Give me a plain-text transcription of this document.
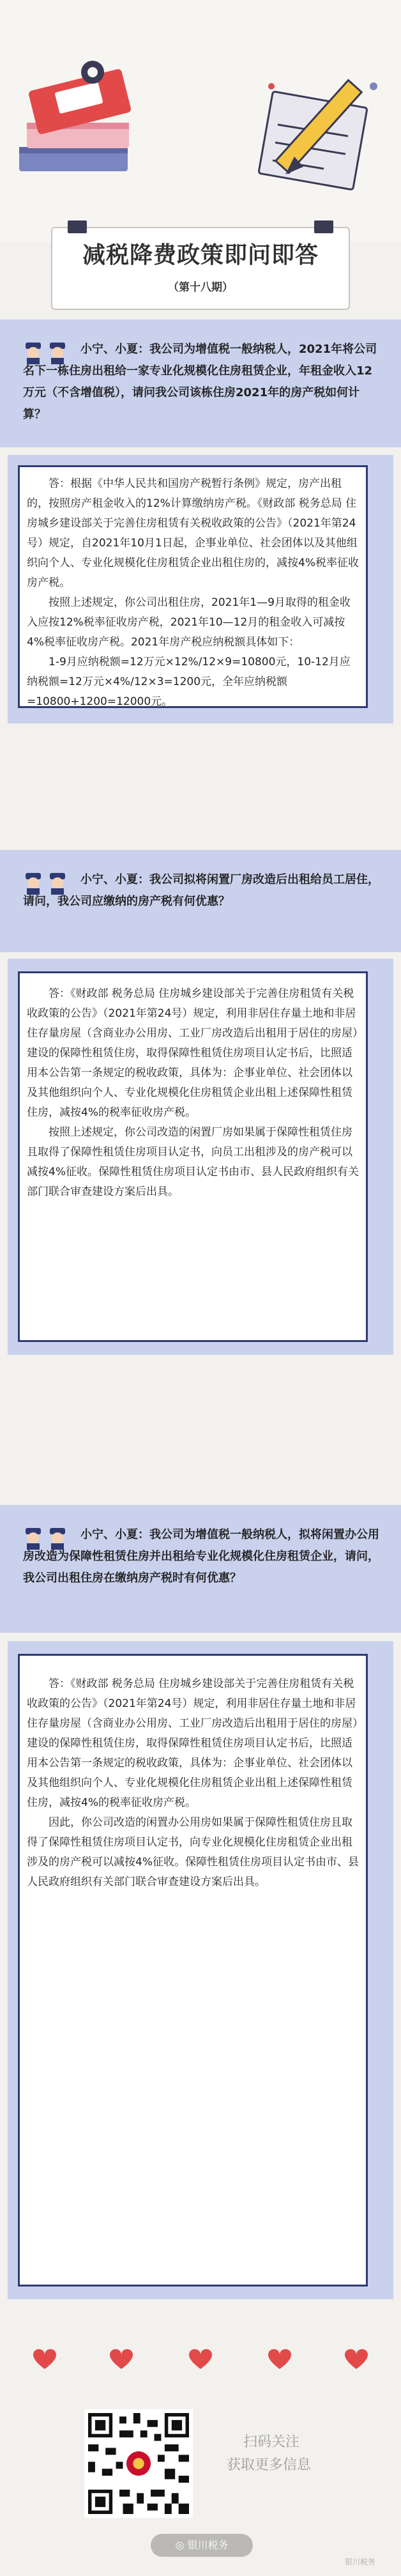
减税降费政策即问即答
（第十八期）
小宁、小夏：我公司为增值税一般纳税人，2021年将公司名下一栋住房出租给一家专业化规模化住房租赁企业，年租金收入12万元（不含增值税），请问我公司该栋住房2021年的房产税如何计算？

答：根据《中华人民共和国房产税暂行条例》规定，房产出租的，按照房产租金收入的12%计算缴纳房产税。《财政部 税务总局 住房城乡建设部关于完善住房租赁有关税收政策的公告》（2021年第24号）规定，自2021年10月1日起，企事业单位、社会团体以及其他组织向个人、专业化规模化住房租赁企业出租住房的，减按4%税率征收房产税。

按照上述规定，你公司出租住房，2021年1—9月取得的租金收入应按12%税率征收房产税，2021年10—12月的租金收入可减按4%税率征收房产税。2021年房产税应纳税额具体如下：

1-9月应纳税额=12万元×12%/12×9=10800元，10-12月应纳税额=12万元×4%/12×3=1200元，全年应纳税额=10800+1200=12000元。

小宁、小夏：我公司拟将闲置厂房改造后出租给员工居住，请问，我公司应缴纳的房产税有何优惠？

答：《财政部 税务总局 住房城乡建设部关于完善住房租赁有关税收政策的公告》（2021年第24号）规定，利用非居住存量土地和非居住存量房屋（含商业办公用房、工业厂房改造后出租用于居住的房屋）建设的保障性租赁住房，取得保障性租赁住房项目认定书后，比照适用本公告第一条规定的税收政策，具体为：企事业单位、社会团体以及其他组织向个人、专业化规模化住房租赁企业出租上述保障性租赁住房，减按4%的税率征收房产税。

按照上述规定，你公司改造的闲置厂房如果属于保障性租赁住房且取得了保障性租赁住房项目认定书，向员工出租涉及的房产税可以减按4%征收。保障性租赁住房项目认定书由市、县人民政府组织有关部门联合审查建设方案后出具。

小宁、小夏：我公司为增值税一般纳税人，拟将闲置办公用房改造为保障性租赁住房并出租给专业化规模化住房租赁企业，请问，我公司出租住房在缴纳房产税时有何优惠？

答：《财政部 税务总局 住房城乡建设部关于完善住房租赁有关税收政策的公告》（2021年第24号）规定，利用非居住存量土地和非居住存量房屋（含商业办公用房、工业厂房改造后出租用于居住的房屋）建设的保障性租赁住房，取得保障性租赁住房项目认定书后，比照适用本公告第一条规定的税收政策，具体为：企事业单位、社会团体以及其他组织向个人、专业化规模化住房租赁企业出租上述保障性租赁住房，减按4%的税率征收房产税。

因此，你公司改造的闲置办公用房如果属于保障性租赁住房且取得了保障性租赁住房项目认定书，向专业化规模化住房租赁企业出租涉及的房产税可以减按4%征收。保障性租赁住房项目认定书由市、县人民政府组织有关部门联合审查建设方案后出具。

扫码关注
获取更多信息
◎ 银川税务
银川税务
